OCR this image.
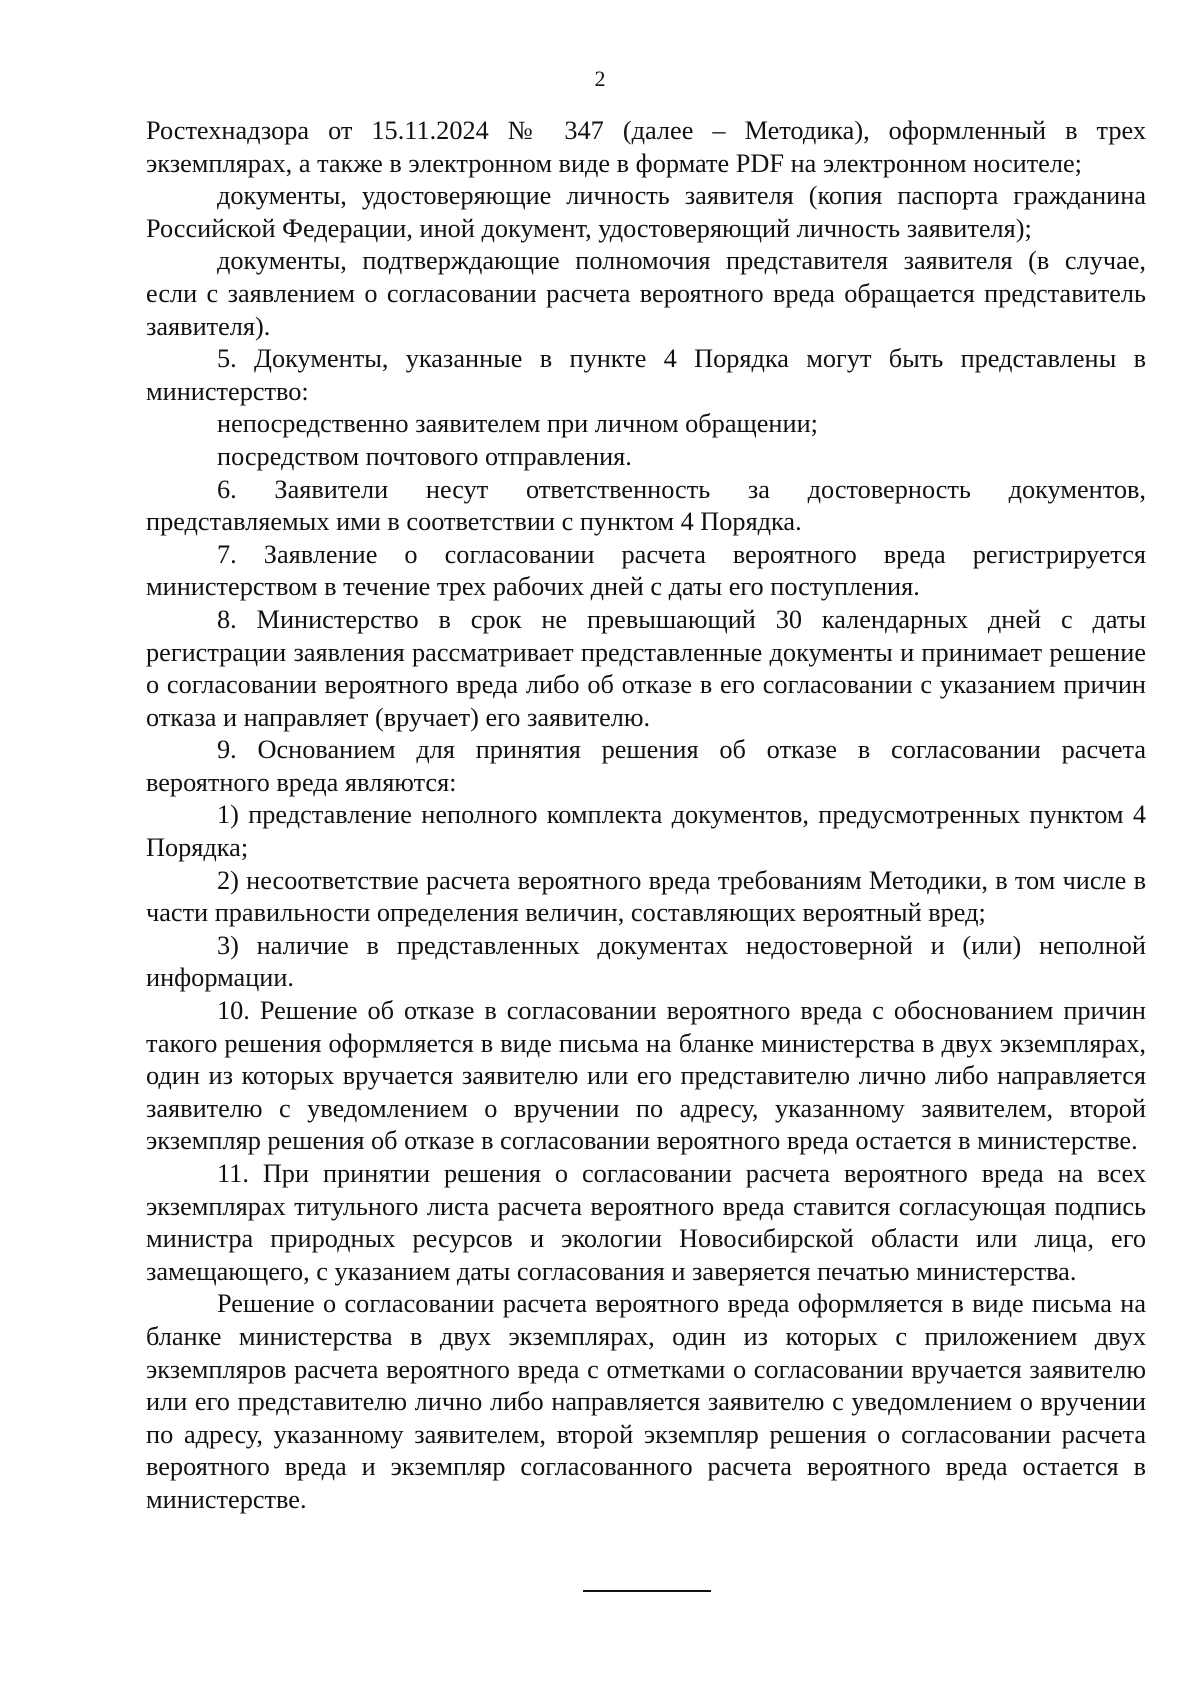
2

Ростехнадзора от 15.11.2024 № 347 (далее – Методика), оформленный в трех экземплярах, а также в электронном виде в формате PDF на электронном носителе;

документы, удостоверяющие личность заявителя (копия паспорта гражданина Российской Федерации, иной документ, удостоверяющий личность заявителя);

документы, подтверждающие полномочия представителя заявителя (в случае, если с заявлением о согласовании расчета вероятного вреда обращается представитель заявителя).

5. Документы, указанные в пункте 4 Порядка могут быть представлены в министерство:

непосредственно заявителем при личном обращении;

посредством почтового отправления.

6. Заявители несут ответственность за достоверность документов, представляемых ими в соответствии с пунктом 4 Порядка.

7. Заявление о согласовании расчета вероятного вреда регистрируется министерством в течение трех рабочих дней с даты его поступления.

8. Министерство в срок не превышающий 30 календарных дней с даты регистрации заявления рассматривает представленные документы и принимает решение о согласовании вероятного вреда либо об отказе в его согласовании с указанием причин отказа и направляет (вручает) его заявителю.

9. Основанием для принятия решения об отказе в согласовании расчета вероятного вреда являются:

1) представление неполного комплекта документов, предусмотренных пунктом 4 Порядка;

2) несоответствие расчета вероятного вреда требованиям Методики, в том числе в части правильности определения величин, составляющих вероятный вред;

3) наличие в представленных документах недостоверной и (или) неполной информации.

10. Решение об отказе в согласовании вероятного вреда с обоснованием причин такого решения оформляется в виде письма на бланке министерства в двух экземплярах, один из которых вручается заявителю или его представителю лично либо направляется заявителю с уведомлением о вручении по адресу, указанному заявителем, второй экземпляр решения об отказе в согласовании вероятного вреда остается в министерстве.

11. При принятии решения о согласовании расчета вероятного вреда на всех экземплярах титульного листа расчета вероятного вреда ставится согласующая подпись министра природных ресурсов и экологии Новосибирской области или лица, его замещающего, с указанием даты согласования и заверяется печатью министерства.

Решение о согласовании расчета вероятного вреда оформляется в виде письма на бланке министерства в двух экземплярах, один из которых с приложением двух экземпляров расчета вероятного вреда с отметками о согласовании вручается заявителю или его представителю лично либо направляется заявителю с уведомлением о вручении по адресу, указанному заявителем, второй экземпляр решения о согласовании расчета вероятного вреда и экземпляр согласованного расчета вероятного вреда остается в министерстве.
